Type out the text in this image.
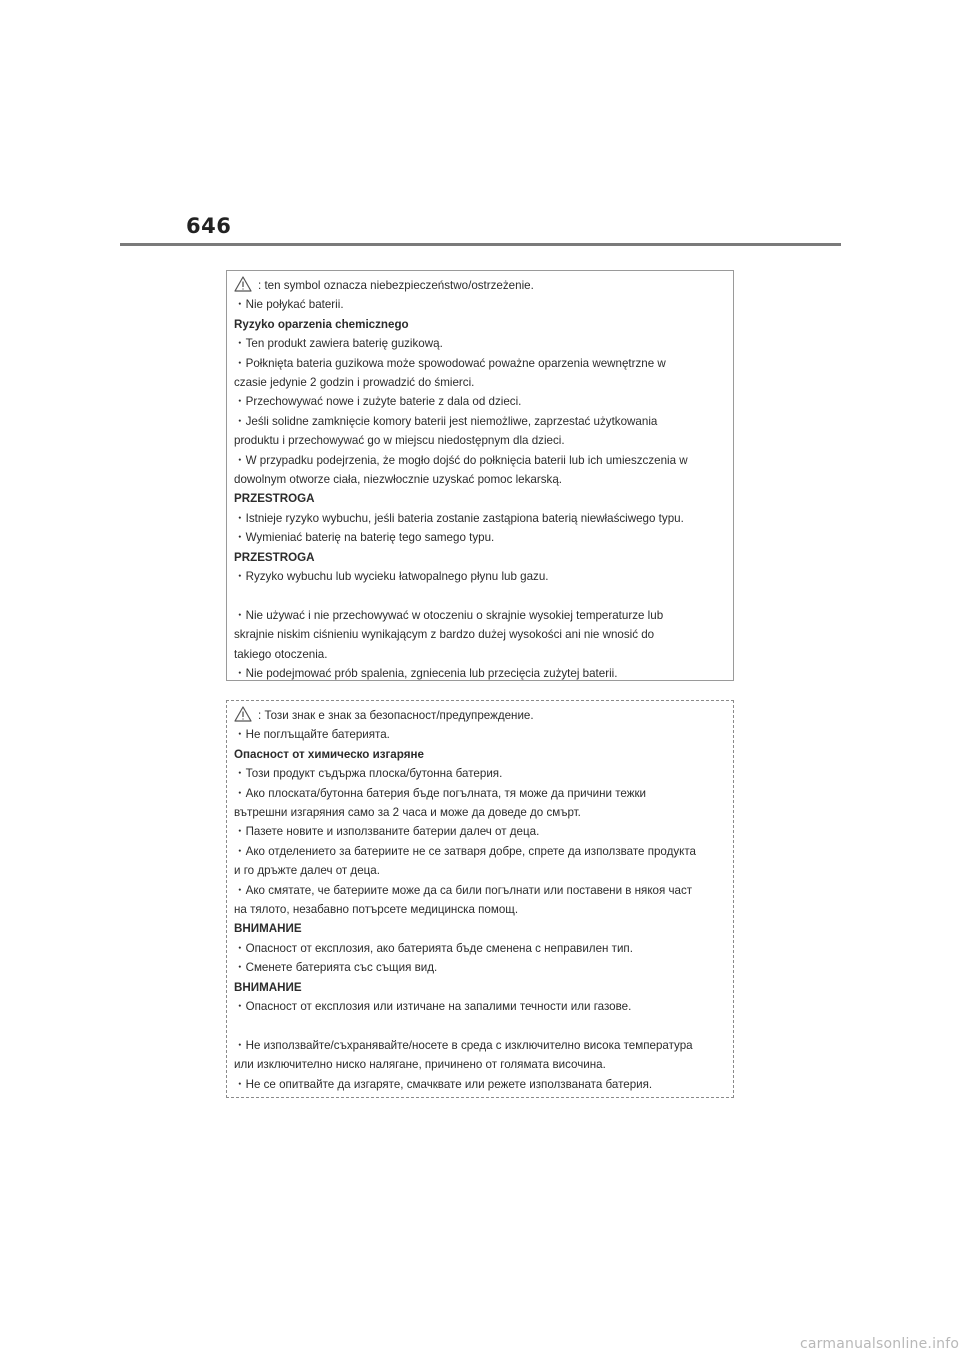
646
: ten symbol oznacza niebezpieczeństwo/ostrzeżenie.
・Nie połykać baterii.
Ryzyko oparzenia chemicznego
・Ten produkt zawiera baterię guzikową.
・Połknięta bateria guzikowa może spowodować poważne oparzenia wewnętrzne w
czasie jedynie 2 godzin i prowadzić do śmierci.
・Przechowywać nowe i zużyte baterie z dala od dzieci.
・Jeśli solidne zamknięcie komory baterii jest niemożliwe, zaprzestać użytkowania
produktu i przechowywać go w miejscu niedostępnym dla dzieci.
・W przypadku podejrzenia, że mogło dojść do połknięcia baterii lub ich umieszczenia w
dowolnym otworze ciała, niezwłocznie uzyskać pomoc lekarską.
PRZESTROGA
・Istnieje ryzyko wybuchu, jeśli bateria zostanie zastąpiona baterią niewłaściwego typu.
・Wymieniać baterię na baterię tego samego typu.
PRZESTROGA
・Ryzyko wybuchu lub wycieku łatwopalnego płynu lub gazu.
・Nie używać i nie przechowywać w otoczeniu o skrajnie wysokiej temperaturze lub
skrajnie niskim ciśnieniu wynikającym z bardzo dużej wysokości ani nie wnosić do
takiego otoczenia.
・Nie podejmować prób spalenia, zgniecenia lub przecięcia zużytej baterii.
: Този знак е знак за безопасност/предупреждение.
・Не поглъщайте батерията.
Опасност от химическо изгаряне
・Този продукт съдържа плоска/бутонна батерия.
・Ако плоската/бутонна батерия бъде погълната, тя може да причини тежки
вътрешни изгаряния само за 2 часа и може да доведе до смърт.
・Пазете новите и използваните батерии далеч от деца.
・Ако отделението за батериите не се затваря добре, спрете да използвате продукта
и го дръжте далеч от деца.
・Ако смятате, че батериите може да са били погълнати или поставени в някоя част
на тялото, незабавно потърсете медицинска помощ.
ВНИМАНИЕ
・Опасност от експлозия, ако батерията бъде сменена с неправилен тип.
・Сменете батерията със същия вид.
ВНИМАНИЕ
・Опасност от експлозия или изтичане на запалими течности или газове.
・Не използвайте/съхранявайте/носете в среда с изключително висока температура
или изключително ниско налягане, причинено от голямата височина.
・Не се опитвайте да изгаряте, смачквате или режете използваната батерия.
carmanualsonline.info
